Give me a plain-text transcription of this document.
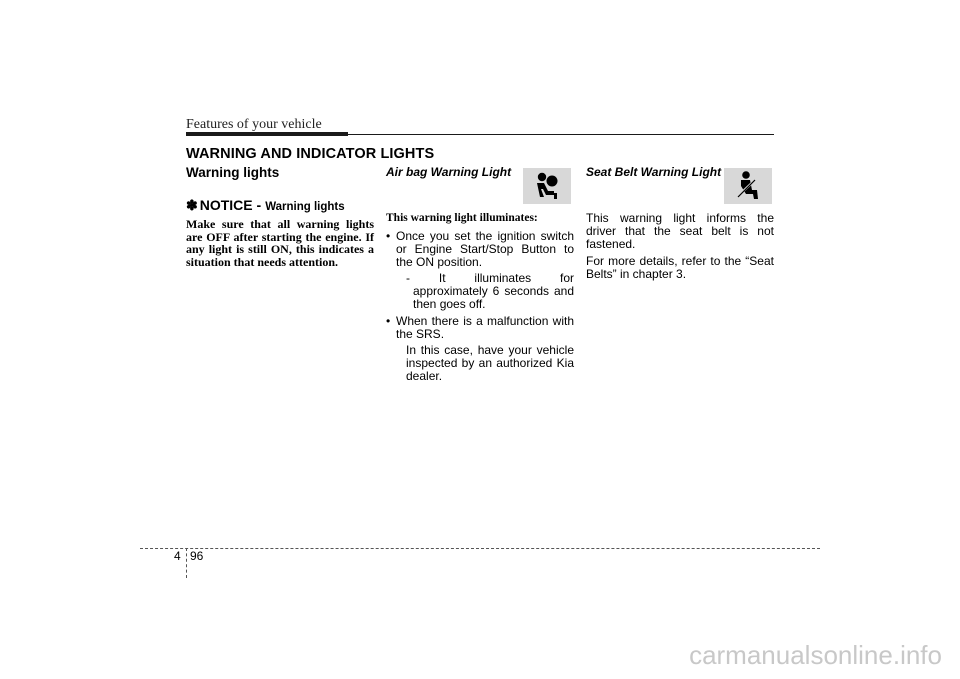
Features of your vehicle
WARNING AND INDICATOR LIGHTS

Warning lights

✽ NOTICE - Warning lights
Make sure that all warning lights are OFF after starting the engine. If any light is still ON, this indicates a situation that needs attention.

Air bag Warning Light

This warning light illuminates:
• Once you set the ignition switch or Engine Start/Stop Button to the ON position.
- It illuminates for approximately 6 seconds and then goes off.
• When there is a malfunction with the SRS.
In this case, have your vehicle inspected by an authorized Kia dealer.

Seat Belt Warning Light

This warning light informs the driver that the seat belt is not fastened.
For more details, refer to the “Seat Belts” in chapter 3.
4 96
carmanualsonline.info
